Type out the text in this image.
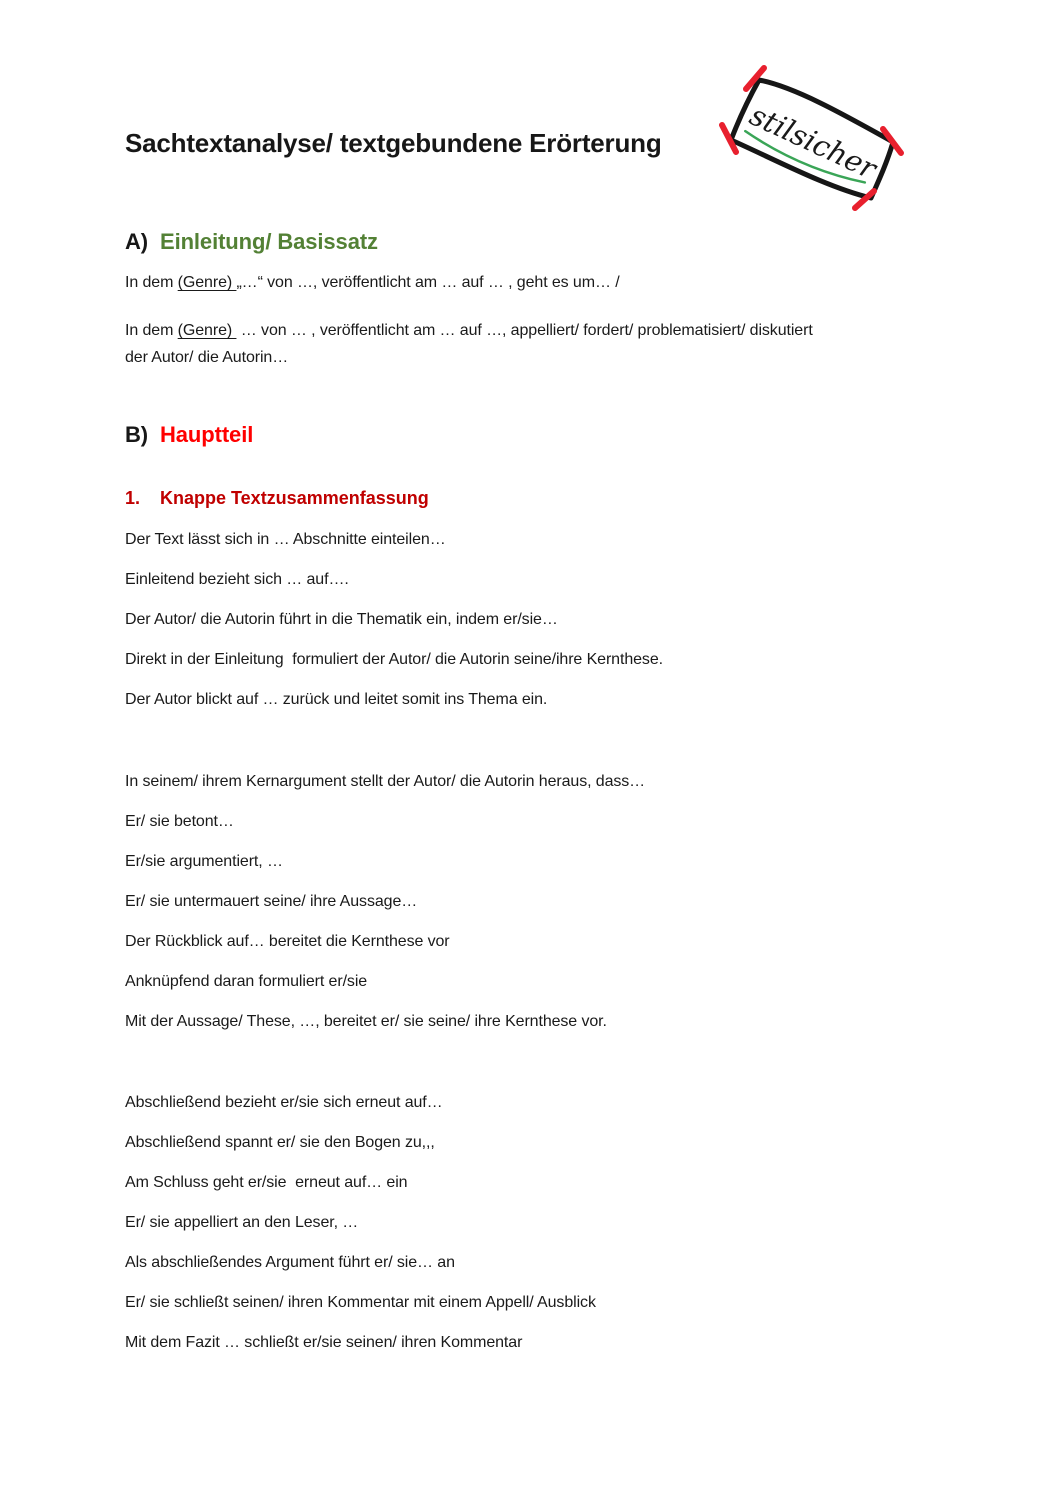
stilsicher
Sachtextanalyse/ textgebundene Erörterung
A) Einleitung/ Basissatz

In dem (Genre) „…“ von …, veröffentlicht am … auf … , geht es um… /

In dem (Genre)  … von … , veröffentlicht am … auf …, appelliert/ fordert/ problematisiert/ diskutiert
der Autor/ die Autorin…

B) Hauptteil
1. Knappe Textzusammenfassung

Der Text lässt sich in … Abschnitte einteilen…

Einleitend bezieht sich … auf….

Der Autor/ die Autorin führt in die Thematik ein, indem er/sie…

Direkt in der Einleitung  formuliert der Autor/ die Autorin seine/ihre Kernthese.

Der Autor blickt auf … zurück und leitet somit ins Thema ein.

In seinem/ ihrem Kernargument stellt der Autor/ die Autorin heraus, dass…

Er/ sie betont…

Er/sie argumentiert, …

Er/ sie untermauert seine/ ihre Aussage…

Der Rückblick auf… bereitet die Kernthese vor

Anknüpfend daran formuliert er/sie

Mit der Aussage/ These, …, bereitet er/ sie seine/ ihre Kernthese vor.

Abschließend bezieht er/sie sich erneut auf…

Abschließend spannt er/ sie den Bogen zu,,,

Am Schluss geht er/sie  erneut auf… ein

Er/ sie appelliert an den Leser, …

Als abschließendes Argument führt er/ sie… an

Er/ sie schließt seinen/ ihren Kommentar mit einem Appell/ Ausblick

Mit dem Fazit … schließt er/sie seinen/ ihren Kommentar
